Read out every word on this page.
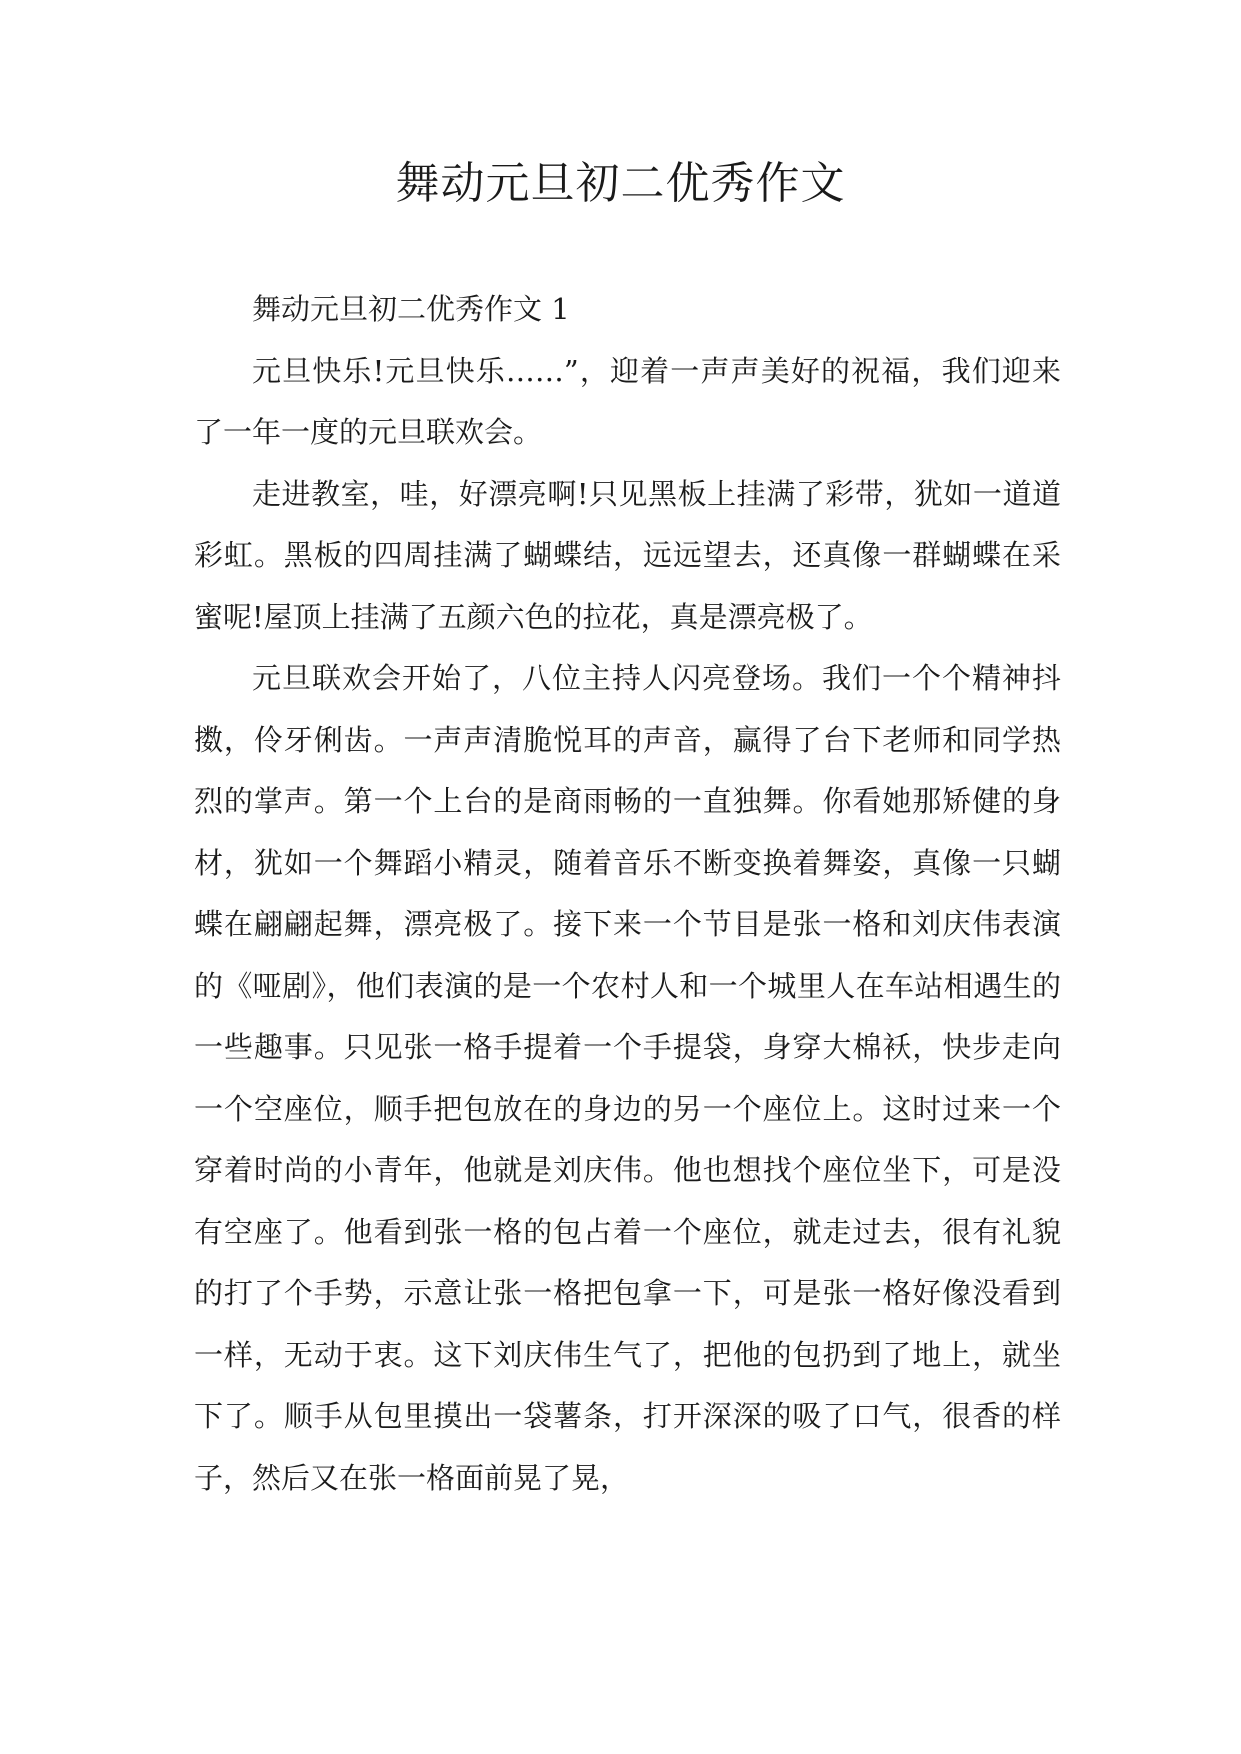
舞动元旦初二优秀作文

舞动元旦初二优秀作文 1

元旦快乐!元旦快乐……”，迎着一声声美好的祝福，我们迎来了一年一度的元旦联欢会。

走进教室，哇，好漂亮啊!只见黑板上挂满了彩带，犹如一道道彩虹。黑板的四周挂满了蝴蝶结，远远望去，还真像一群蝴蝶在采蜜呢!屋顶上挂满了五颜六色的拉花，真是漂亮极了。

元旦联欢会开始了，八位主持人闪亮登场。我们一个个精神抖擞，伶牙俐齿。一声声清脆悦耳的声音，赢得了台下老师和同学热烈的掌声。第一个上台的是商雨畅的一直独舞。你看她那矫健的身材，犹如一个舞蹈小精灵，随着音乐不断变换着舞姿，真像一只蝴蝶在翩翩起舞，漂亮极了。接下来一个节目是张一格和刘庆伟表演的《哑剧》，他们表演的是一个农村人和一个城里人在车站相遇生的一些趣事。只见张一格手提着一个手提袋，身穿大棉袄，快步走向一个空座位，顺手把包放在的身边的另一个座位上。这时过来一个穿着时尚的小青年，他就是刘庆伟。他也想找个座位坐下，可是没有空座了。他看到张一格的包占着一个座位，就走过去，很有礼貌的打了个手势，示意让张一格把包拿一下，可是张一格好像没看到一样，无动于衷。这下刘庆伟生气了，把他的包扔到了地上，就坐下了。顺手从包里摸出一袋薯条，打开深深的吸了口气，很香的样子，然后又在张一格面前晃了晃，
